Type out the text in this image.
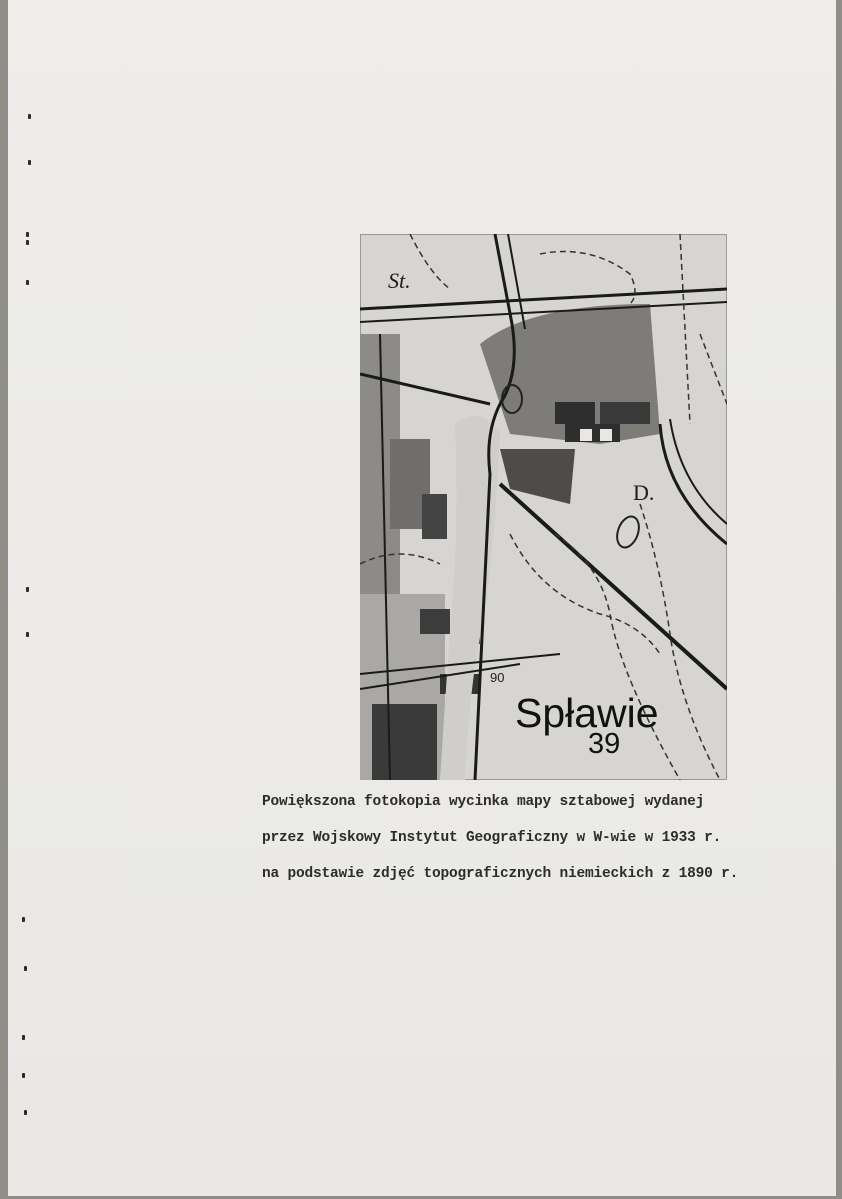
St.
D.
90
Spławie
39
Powiększona fotokopia wycinka mapy sztabowej wydanej
przez Wojskowy Instytut Geograficzny w W-wie w 1933 r.
na podstawie zdjęć topograficznych niemieckich z 1890 r.
